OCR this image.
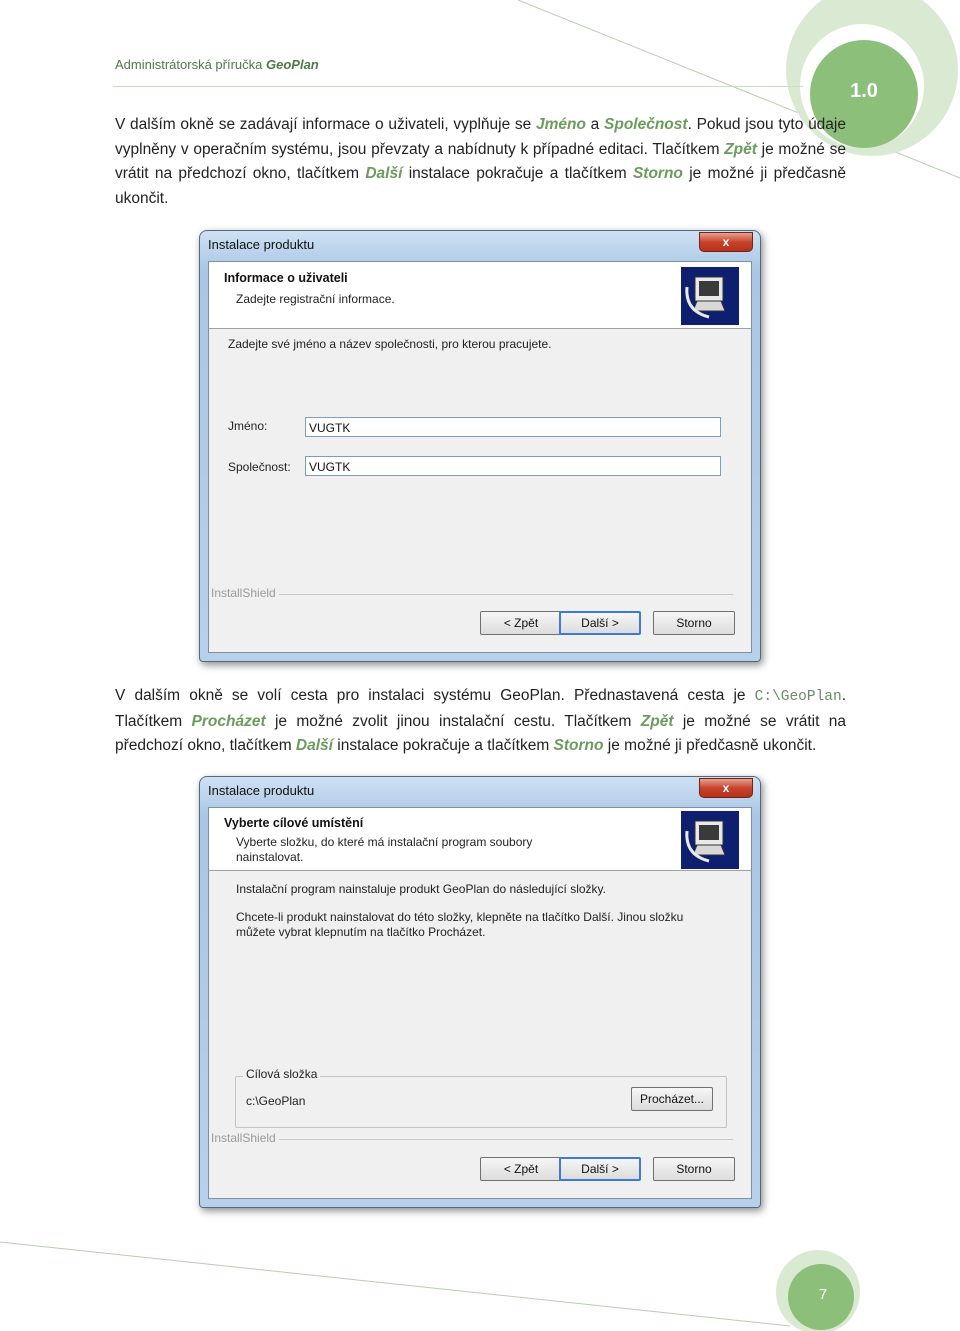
Administrátorská příručka GeoPlan
1.0
V dalším okně se zadávají informace o uživateli, vyplňuje se Jméno a Společnost. Pokud jsou tyto údaje vyplněny v operačním systému, jsou převzaty a nabídnuty k případné editaci. Tlačítkem Zpět je možné se vrátit na předchozí okno, tlačítkem Další instalace pokračuje a tlačítkem Storno je možné ji předčasně ukončit.
Instalace produktu	x
Informace o uživateli
Zadejte registrační informace.
Zadejte své jméno a název společnosti, pro kterou pracujete.
Jméno:	VUGTK
Společnost:	VUGTK
InstallShield
< Zpět	Další >	Storno
V dalším okně se volí cesta pro instalaci systému GeoPlan. Přednastavená cesta je C:\GeoPlan. Tlačítkem Procházet je možné zvolit jinou instalační cestu. Tlačítkem Zpět je možné se vrátit na předchozí okno, tlačítkem Další instalace pokračuje a tlačítkem Storno je možné ji předčasně ukončit.
Instalace produktu	x
Vyberte cílové umístění
Vyberte složku, do které má instalační program soubory
nainstalovat.
Instalační program nainstaluje produkt GeoPlan do následující složky.
Chcete-li produkt nainstalovat do této složky, klepněte na tlačítko Další. Jinou složku
můžete vybrat klepnutím na tlačítko Procházet.
Cílová složka
c:\GeoPlan	Procházet...
InstallShield
< Zpět	Další >	Storno
7
